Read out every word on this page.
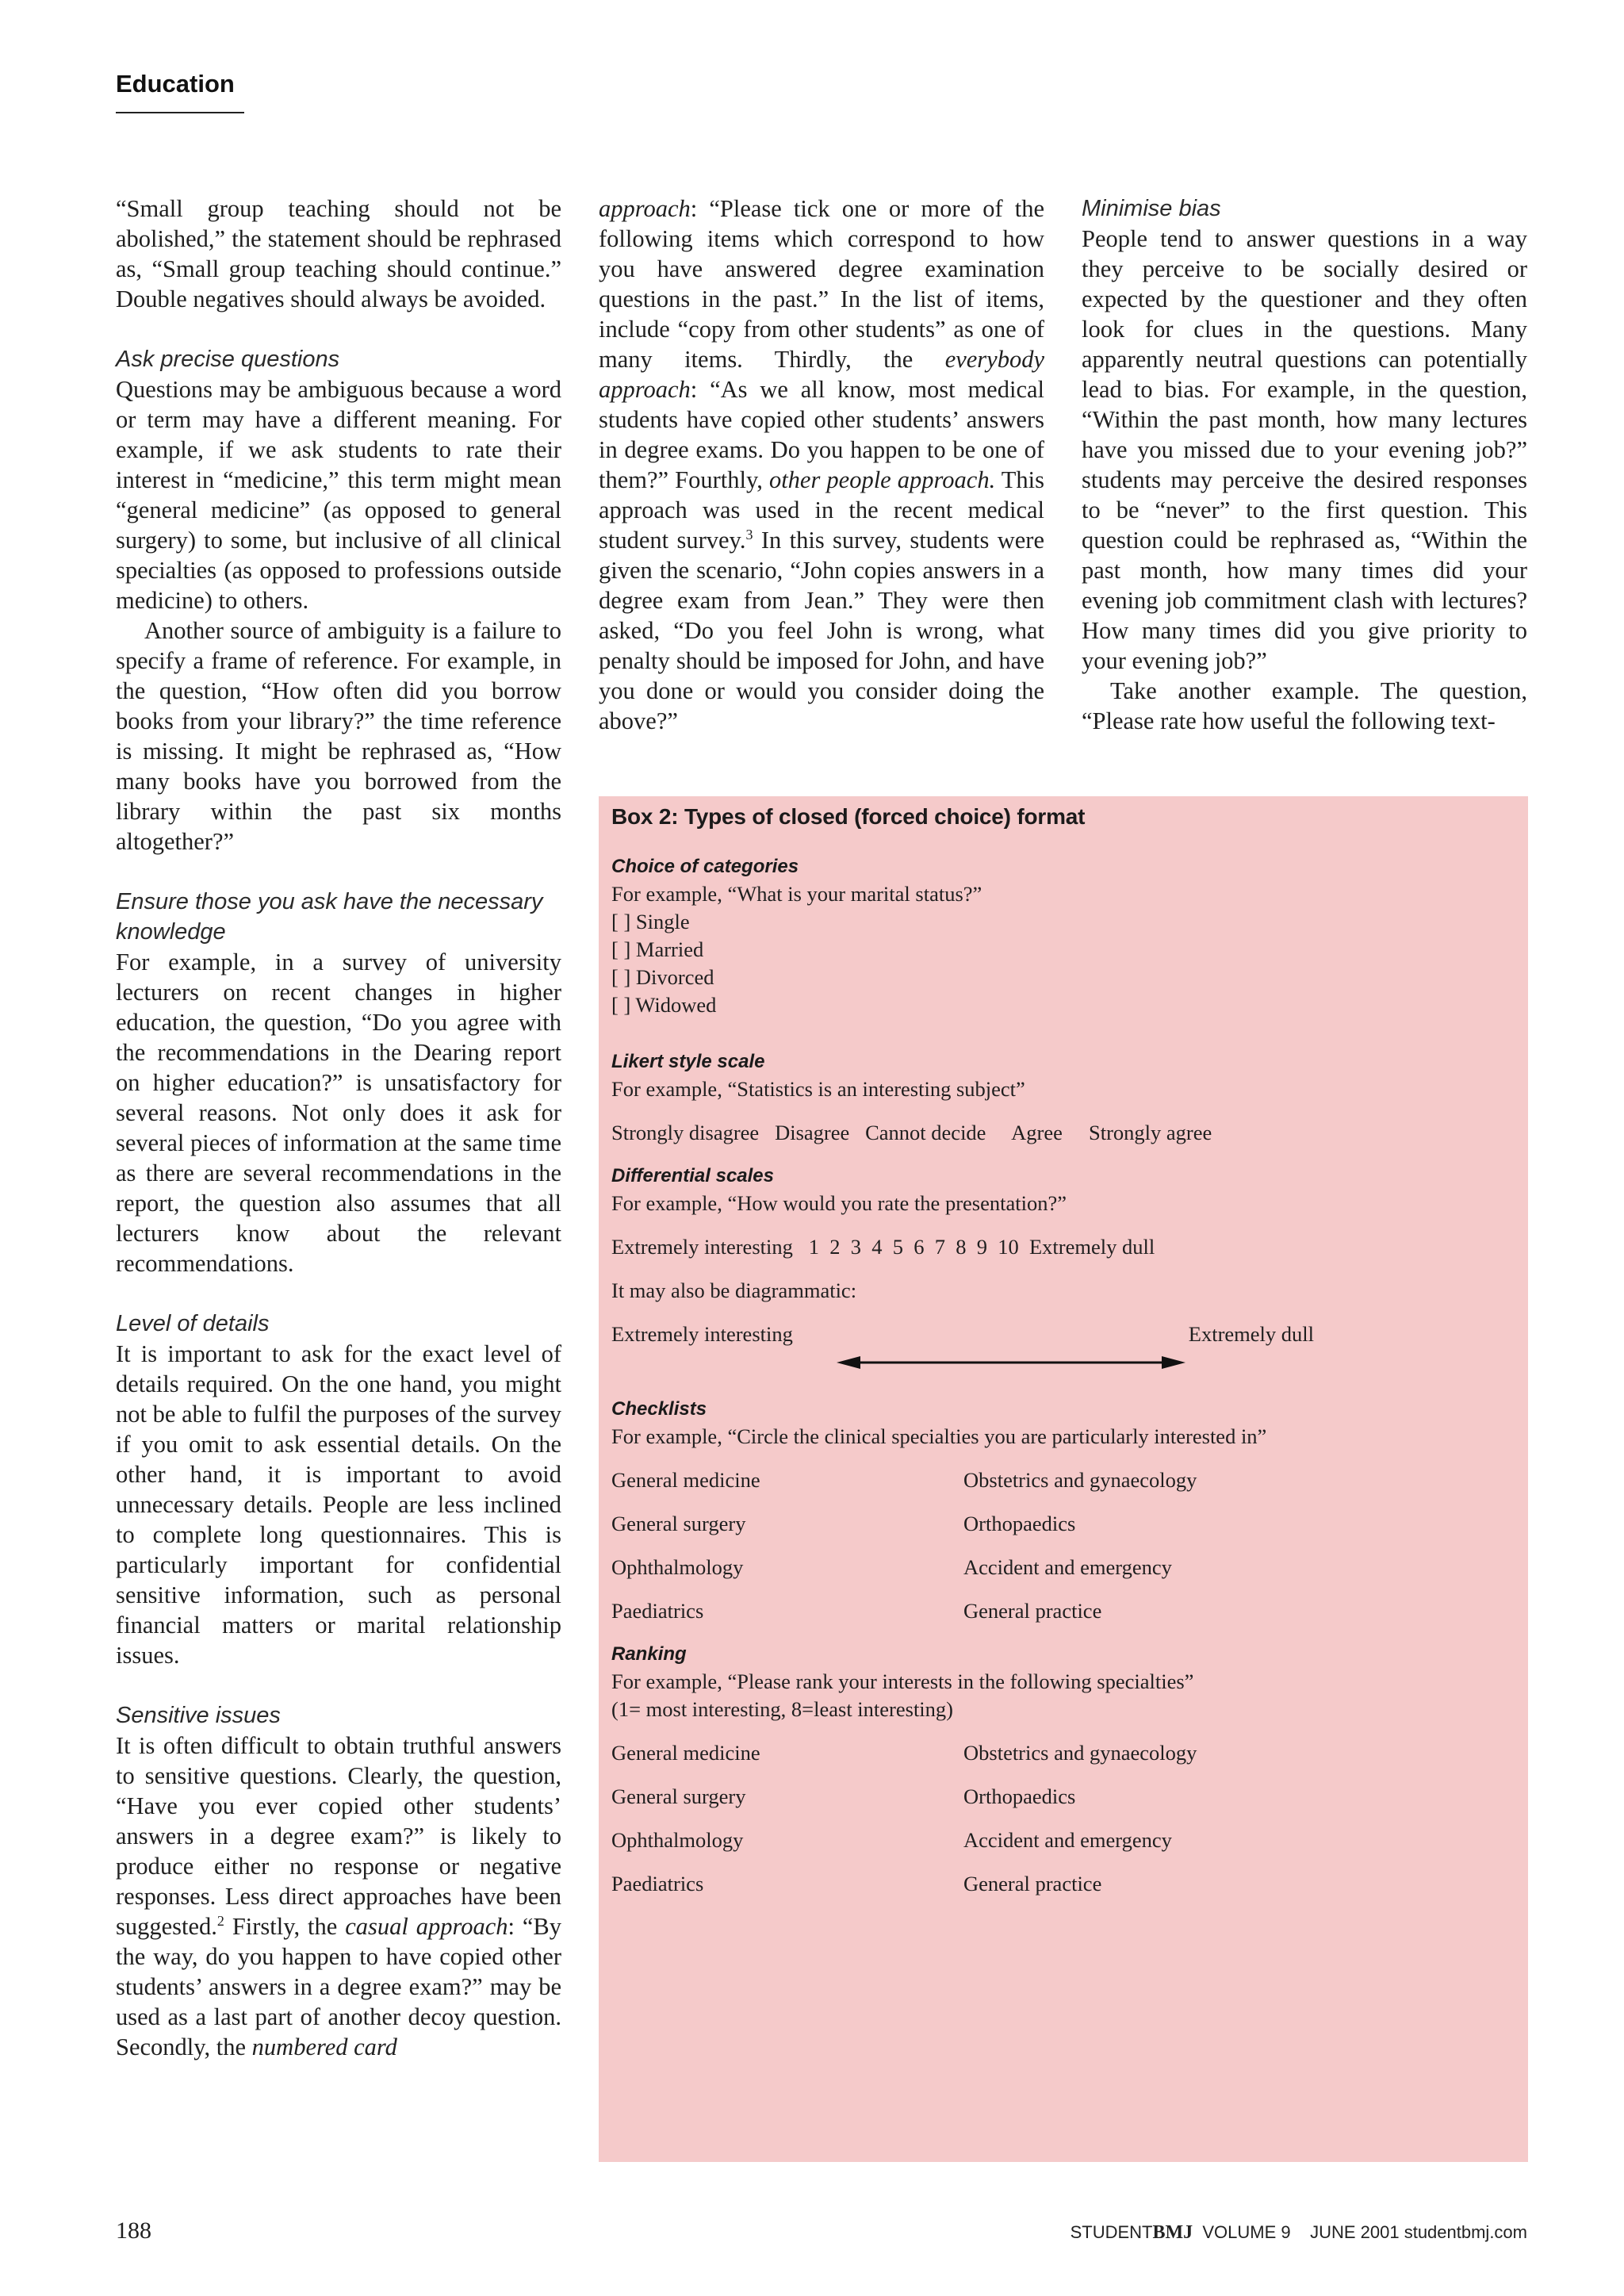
Education

“Small group teaching should not be abolished,” the statement should be rephrased as, “Small group teaching should continue.” Double negatives should always be avoided.

Ask precise questions

Questions may be ambiguous because a word or term may have a different meaning. For example, if we ask students to rate their interest in “medicine,” this term might mean “general medicine” (as opposed to general surgery) to some, but inclusive of all clinical specialties (as opposed to professions outside medicine) to others.

Another source of ambiguity is a failure to specify a frame of reference. For example, in the question, “How often did you borrow books from your library?” the time reference is missing. It might be rephrased as, “How many books have you borrowed from the library within the past six months altogether?”

Ensure those you ask have the necessary knowledge

For example, in a survey of university lecturers on recent changes in higher education, the question, “Do you agree with the recommendations in the Dearing report on higher education?” is unsatisfactory for several reasons. Not only does it ask for several pieces of information at the same time as there are several recommendations in the report, the question also assumes that all lecturers know about the relevant recommendations.

Level of details

It is important to ask for the exact level of details required. On the one hand, you might not be able to fulfil the purposes of the survey if you omit to ask essential details. On the other hand, it is important to avoid unnecessary details. People are less inclined to complete long questionnaires. This is particularly important for confidential sensitive information, such as personal financial matters or marital relationship issues.

Sensitive issues

It is often difficult to obtain truthful answers to sensitive questions. Clearly, the question, “Have you ever copied other students’ answers in a degree exam?” is likely to produce either no response or negative responses. Less direct approaches have been suggested.$^2$ Firstly, the casual approach: “By the way, do you happen to have copied other students’ answers in a degree exam?” may be used as a last part of another decoy question. Secondly, the numbered card

approach: “Please tick one or more of the following items which correspond to how you have answered degree examination questions in the past.” In the list of items, include “copy from other students” as one of many items. Thirdly, the everybody approach: “As we all know, most medical students have copied other students’ answers in degree exams. Do you happen to be one of them?” Fourthly, other people approach. This approach was used in the recent medical student survey.$^3$ In this survey, students were given the scenario, “John copies answers in a degree exam from Jean.” They were then asked, “Do you feel John is wrong, what penalty should be imposed for John, and have you done or would you consider doing the above?”

Minimise bias

People tend to answer questions in a way they perceive to be socially desired or expected by the questioner and they often look for clues in the questions. Many apparently neutral questions can potentially lead to bias. For example, in the question, “Within the past month, how many lectures have you missed due to your evening job?” students may perceive the desired responses to be “never” to the first question. This question could be rephrased as, “Within the past month, how many times did your evening job commitment clash with lectures? How many times did you give priority to your evening job?”

Take another example. The question, “Please rate how useful the following text-

Box 2: Types of closed (forced choice) format
Choice of categories
For example, “What is your marital status?”
[ ] Single
[ ] Married
[ ] Divorced
[ ] Widowed
Likert style scale
For example, “Statistics is an interesting subject”
Strongly disagree   Disagree   Cannot decide     Agree     Strongly agree
Differential scales
For example, “How would you rate the presentation?”
Extremely interesting   1  2  3  4  5  6  7  8  9  10  Extremely dull
It may also be diagrammatic:
Extremely interesting	Extremely dull
Checklists
For example, “Circle the clinical specialties you are particularly interested in”
General medicine	Obstetrics and gynaecology
General surgery	Orthopaedics
Ophthalmology	Accident and emergency
Paediatrics	General practice
Ranking
For example, “Please rank your interests in the following specialties”
(1= most interesting, 8=least interesting)
General medicine	Obstetrics and gynaecology
General surgery	Orthopaedics
Ophthalmology	Accident and emergency
Paediatrics	General practice
188	STUDENTBMJ  VOLUME 9    JUNE 2001 studentbmj.com
